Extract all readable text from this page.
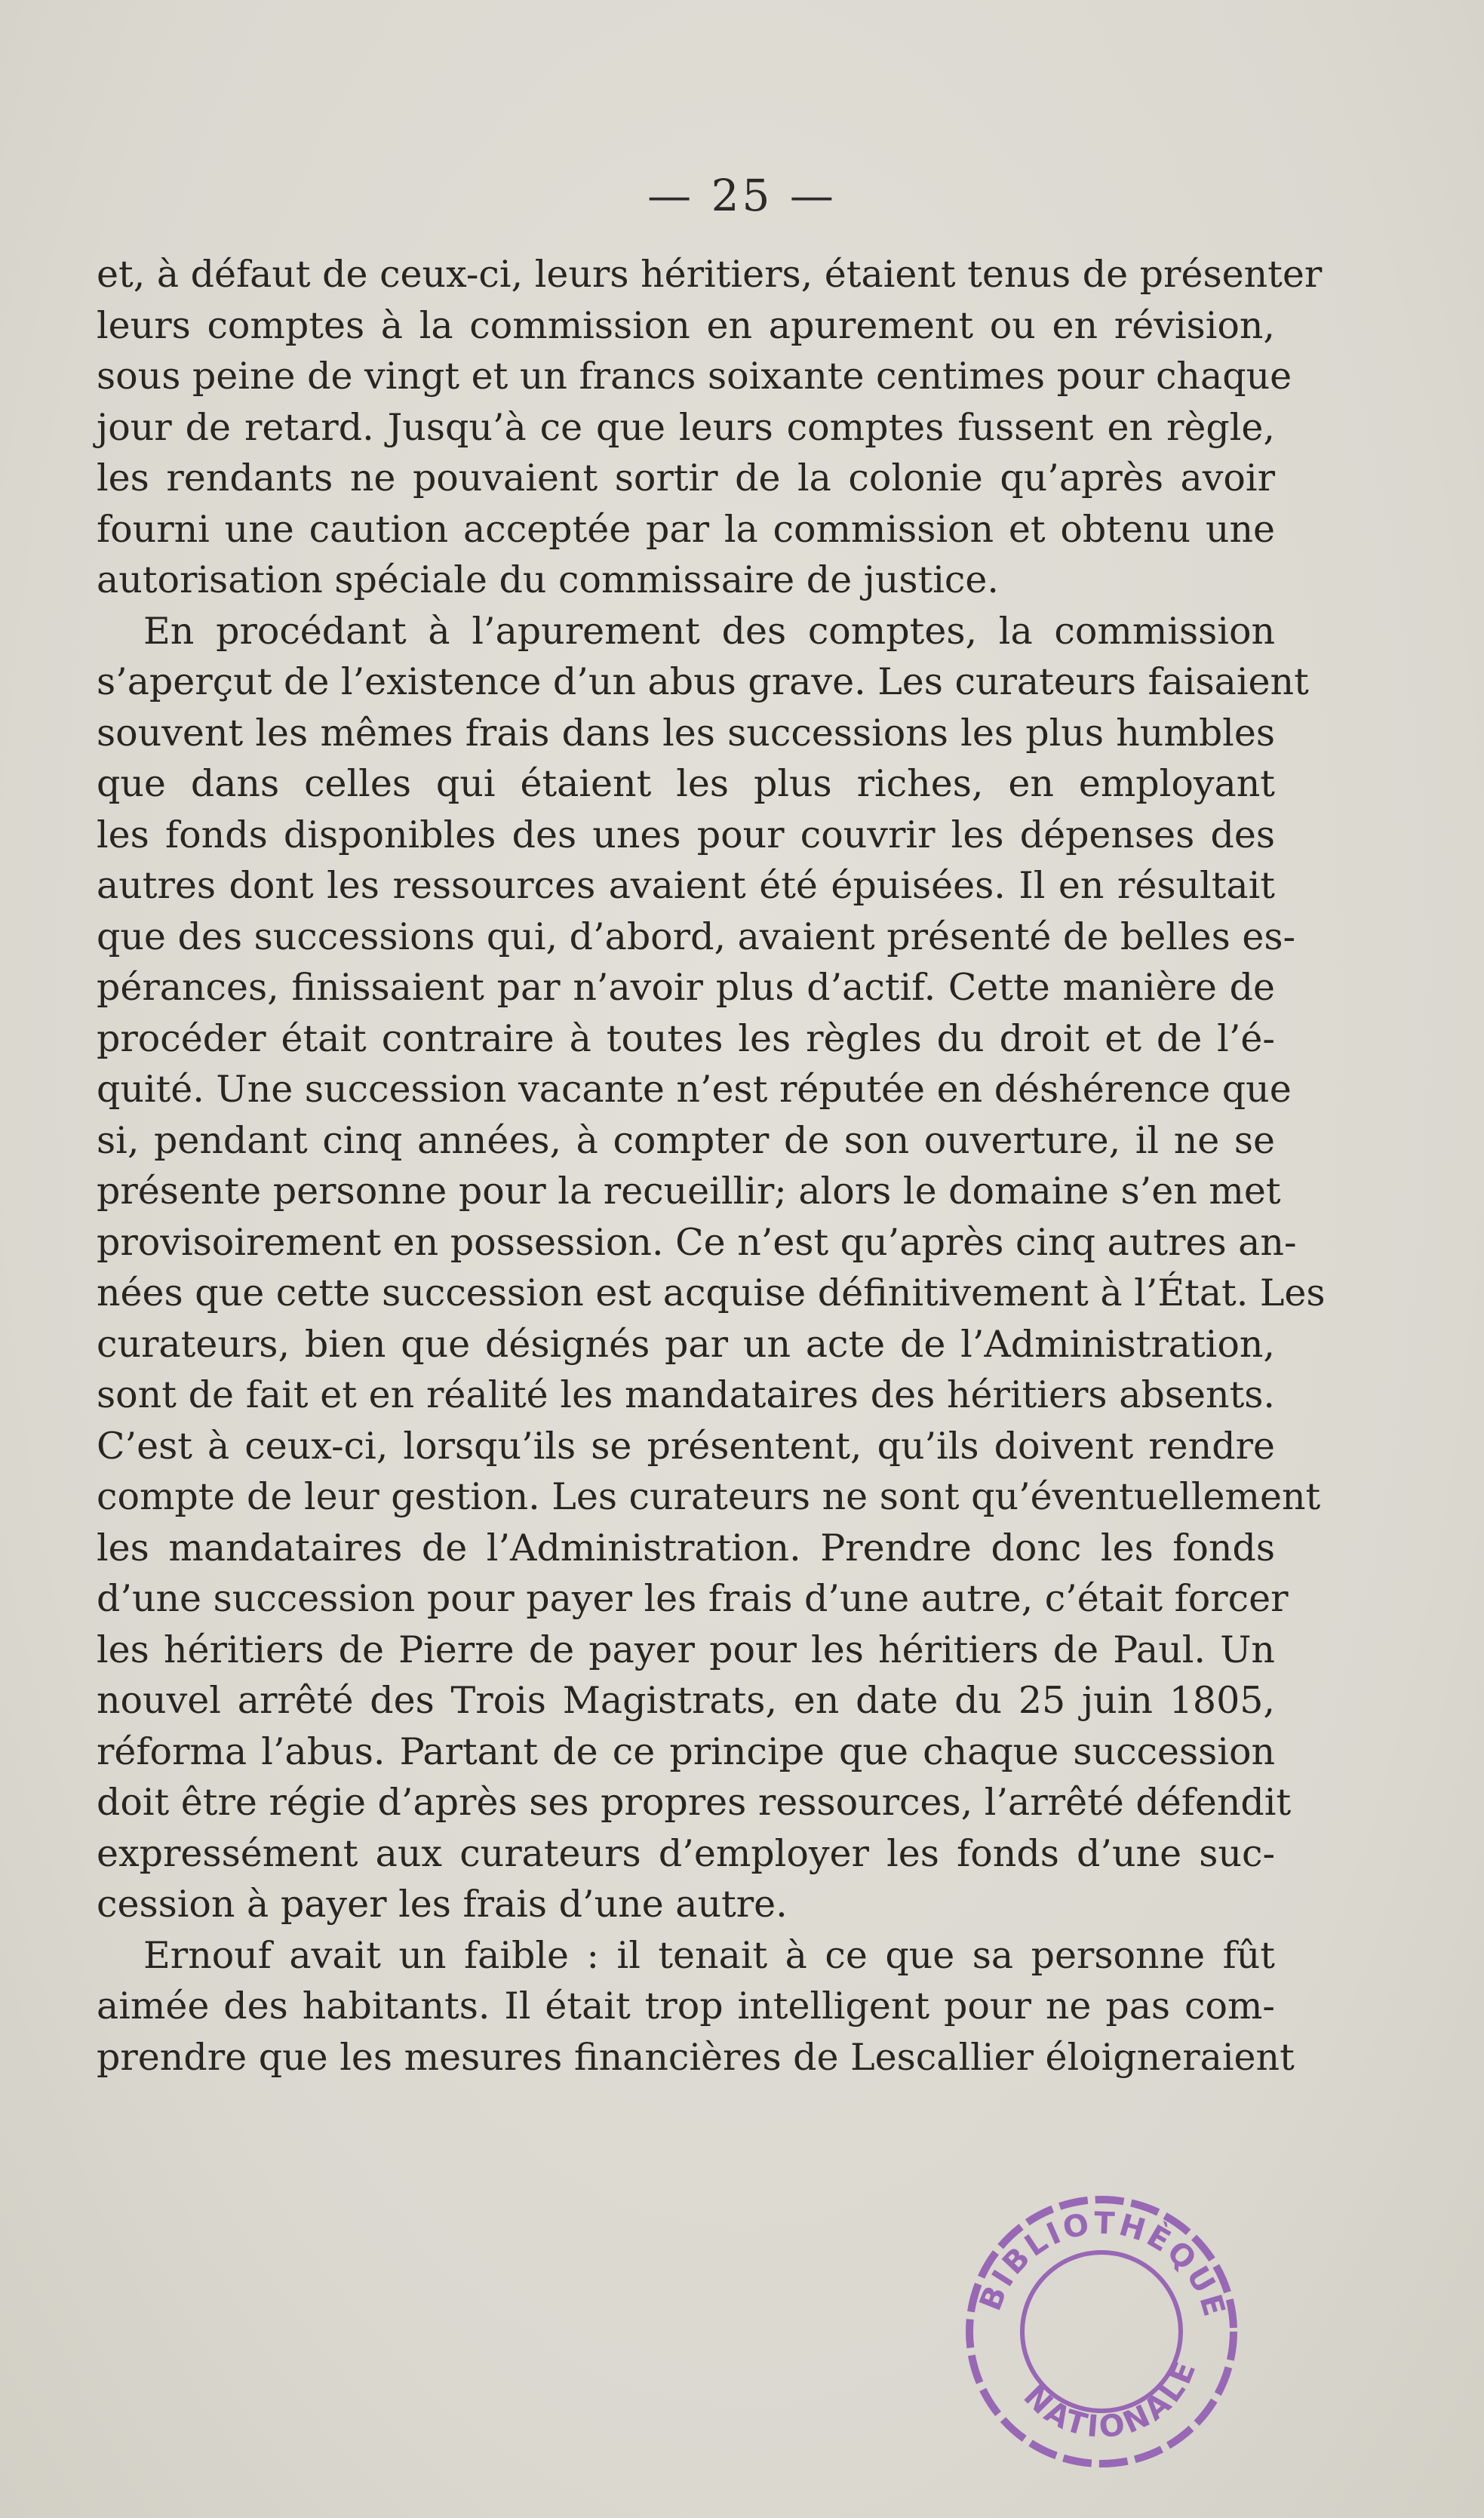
— 25 —
et, à défaut de ceux-ci, leurs héritiers, étaient tenus de présenter
leurs comptes à la commission en apurement ou en révision,
sous peine de vingt et un francs soixante centimes pour chaque
jour de retard. Jusqu’à ce que leurs comptes fussent en règle,
les rendants ne pouvaient sortir de la colonie qu’après avoir
fourni une caution acceptée par la commission et obtenu une
autorisation spéciale du commissaire de justice.
En procédant à l’apurement des comptes, la commission
s’aperçut de l’existence d’un abus grave. Les curateurs faisaient
souvent les mêmes frais dans les successions les plus humbles
que dans celles qui étaient les plus riches, en employant
les fonds disponibles des unes pour couvrir les dépenses des
autres dont les ressources avaient été épuisées. Il en résultait
que des successions qui, d’abord, avaient présenté de belles es-
pérances, finissaient par n’avoir plus d’actif. Cette manière de
procéder était contraire à toutes les règles du droit et de l’é-
quité. Une succession vacante n’est réputée en déshérence que
si, pendant cinq années, à compter de son ouverture, il ne se
présente personne pour la recueillir; alors le domaine s’en met
provisoirement en possession. Ce n’est qu’après cinq autres an-
nées que cette succession est acquise définitivement à l’État. Les
curateurs, bien que désignés par un acte de l’Administration,
sont de fait et en réalité les mandataires des héritiers absents.
C’est à ceux-ci, lorsqu’ils se présentent, qu’ils doivent rendre
compte de leur gestion. Les curateurs ne sont qu’éventuellement
les mandataires de l’Administration. Prendre donc les fonds
d’une succession pour payer les frais d’une autre, c’était forcer
les héritiers de Pierre de payer pour les héritiers de Paul. Un
nouvel arrêté des Trois Magistrats, en date du 25 juin 1805,
réforma l’abus. Partant de ce principe que chaque succession
doit être régie d’après ses propres ressources, l’arrêté défendit
expressément aux curateurs d’employer les fonds d’une suc-
cession à payer les frais d’une autre.
Ernouf avait un faible : il tenait à ce que sa personne fût
aimée des habitants. Il était trop intelligent pour ne pas com-
prendre que les mesures financières de Lescallier éloigneraient
BIBLIOTHÈQUE
NATIONALE
